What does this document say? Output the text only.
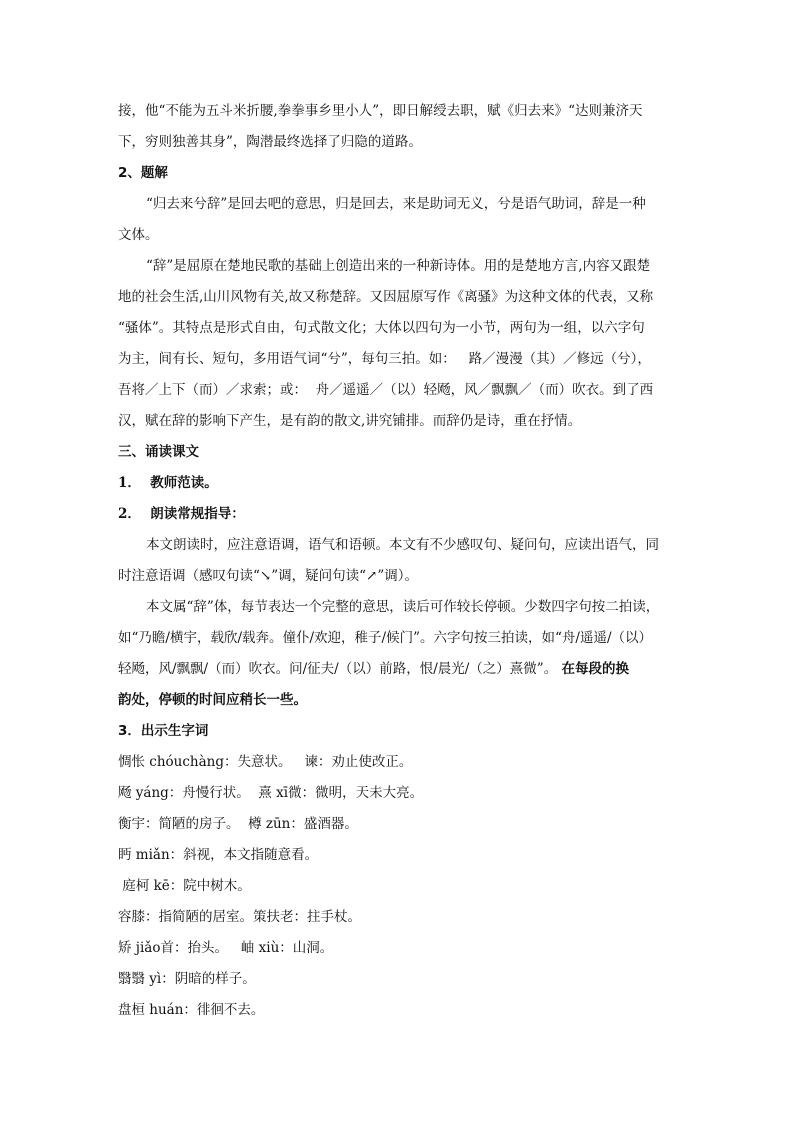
接，他“不能为五斗米折腰,拳拳事乡里小人”，即日解绶去职，赋《归去来》“达则兼济天

下，穷则独善其身”，陶潜最终选择了归隐的道路。

2、题解

“归去来兮辞”是回去吧的意思，归是回去，来是助词无义，兮是语气助词，辞是一种

文体。

“辞”是屈原在楚地民歌的基础上创造出来的一种新诗体。用的是楚地方言,内容又跟楚

地的社会生活,山川风物有关,故又称楚辞。又因屈原写作《离骚》为这种文体的代表，又称

“骚体”。其特点是形式自由，句式散文化；大体以四句为一小节，两句为一组，以六字句

为主，间有长、短句，多用语气词“兮”，每句三拍。如：   路／漫漫（其）／修远（兮），

吾将／上下（而）／求索；或：  舟／遥遥／（以）轻飏，风／飘飘／（而）吹衣。到了西

汉，赋在辞的影响下产生，是有韵的散文,讲究铺排。而辞仍是诗，重在抒情。

三、诵读课文

1．  教师范读。

2．  朗读常规指导：

本文朗读时，应注意语调，语气和语顿。本文有不少感叹句、疑问句，应读出语气，同

时注意语调（感叹句读“↘”调，疑问句读“↗”调）。

本文属“辞”体，每节表达一个完整的意思，读后可作较长停顿。少数四字句按二拍读，

如“乃瞻/横宇，载欣/载奔。僮仆/欢迎，稚子/候门”。六字句按三拍读，如“舟/遥遥/（以）

轻飏，风/飘飘/（而）吹衣。问/征夫/（以）前路，恨/晨光/（之）熹微”。 在每段的换

韵处，停顿的时间应稍长一些。

3．出示生字词

惆怅 chóuchàng：失意状。   谏：劝止使改正。

飏 yáng：舟慢行状。  熹 xī微：微明，天未大亮。

衡宇：简陋的房子。  樽 zūn：盛酒器。

眄 miǎn：斜视，本文指随意看。

庭柯 kē：院中树木。

容膝：指简陋的居室。策扶老：拄手杖。

矫 jiǎo首：抬头。   岫 xiù：山洞。

翳翳 yì：阴暗的样子。

盘桓 huán：徘徊不去。
